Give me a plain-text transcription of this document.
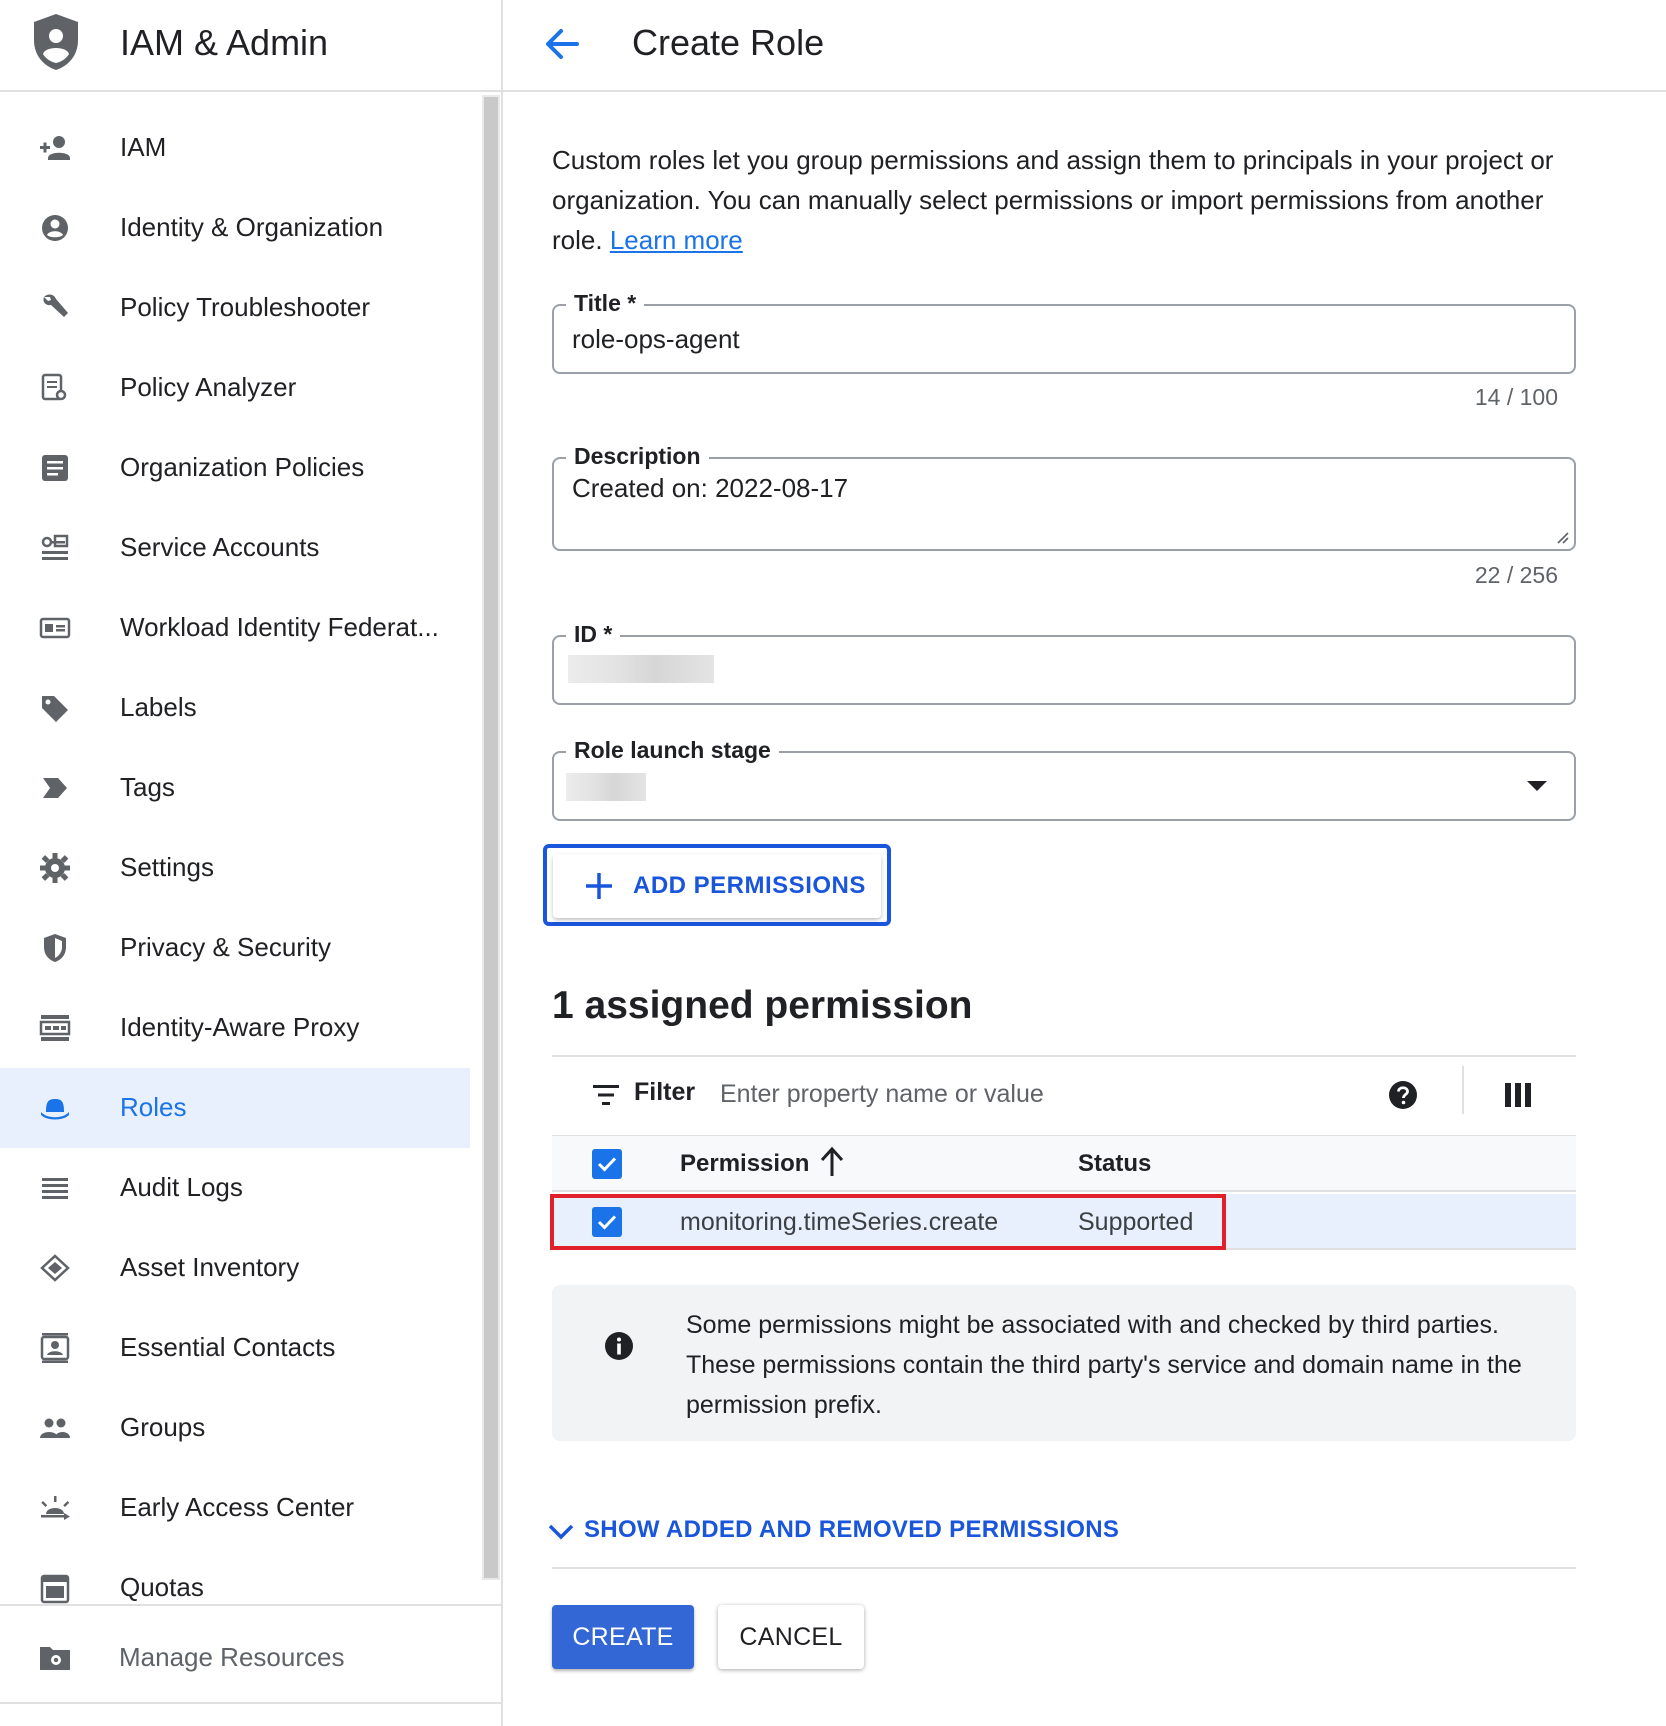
IAM & Admin
IAM
Identity & Organization
Policy Troubleshooter
Policy Analyzer
Organization Policies
Service Accounts
Workload Identity Federat...
Labels
Tags
Settings
Privacy & Security
Identity-Aware Proxy
Roles
Audit Logs
Asset Inventory
Essential Contacts
Groups
Early Access Center
Quotas
Manage Resources
Create Role
Custom roles let you group permissions and assign them to principals in your project or organization. You can manually select permissions or import permissions from another role. Learn more
Title *
role-ops-agent
14 / 100
Description
Created on: 2022-08-17
22 / 256
ID *
Role launch stage
ADD PERMISSIONS
1 assigned permission
Filter
Enter property name or value
Permission	Status
monitoring.timeSeries.create	Supported
Some permissions might be associated with and checked by third parties. These permissions contain the third party's service and domain name in the permission prefix.
SHOW ADDED AND REMOVED PERMISSIONS
CREATE	CANCEL
